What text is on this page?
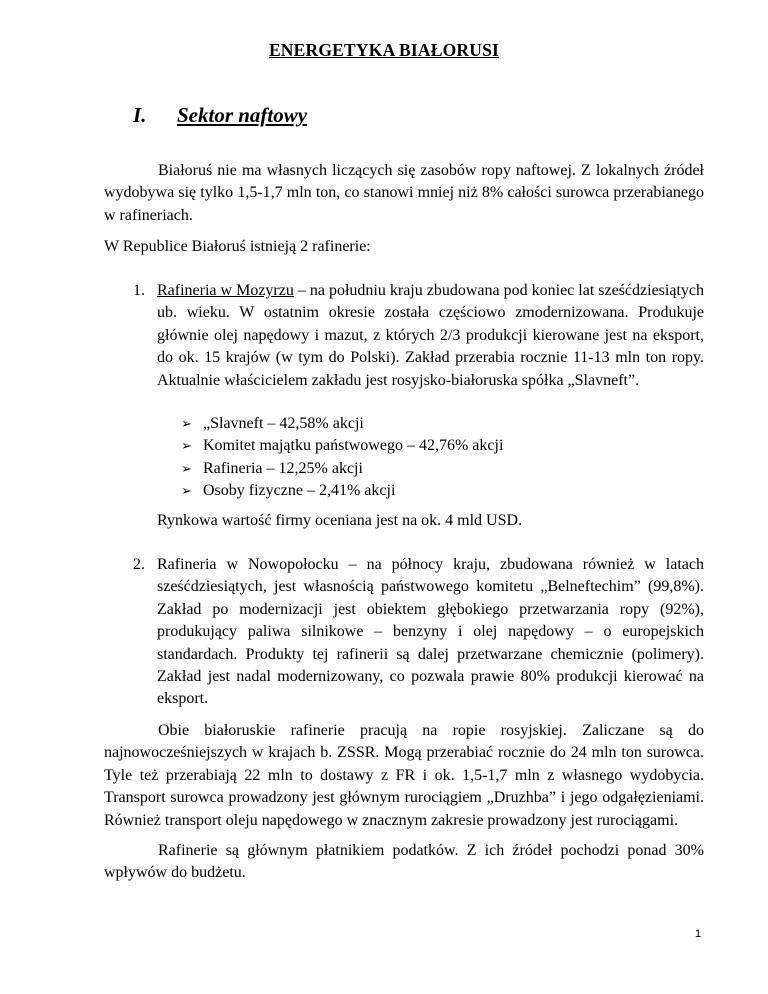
ENERGETYKA BIAŁORUSI
I. Sektor naftowy
Białoruś nie ma własnych liczących się zasobów ropy naftowej. Z lokalnych źródeł wydobywa się tylko 1,5-1,7 mln ton, co stanowi mniej niż 8% całości surowca przerabianego w rafineriach.
W Republice Białoruś istnieją 2 rafinerie:
1. Rafineria w Mozyrzu – na południu kraju zbudowana pod koniec lat sześćdziesiątych ub. wieku. W ostatnim okresie została częściowo zmodernizowana. Produkuje głównie olej napędowy i mazut, z których 2/3 produkcji kierowane jest na eksport, do ok. 15 krajów (w tym do Polski). Zakład przerabia rocznie 11-13 mln ton ropy. Aktualnie właścicielem zakładu jest rosyjsko-białoruska spółka „Slavneft”.
➢ „Slavneft – 42,58% akcji
➢ Komitet majątku państwowego – 42,76% akcji
➢ Rafineria – 12,25% akcji
➢ Osoby fizyczne – 2,41% akcji
Rynkowa wartość firmy oceniana jest na ok. 4 mld USD.
2. Rafineria w Nowopołocku – na północy kraju, zbudowana również w latach sześćdziesiątych, jest własnością państwowego komitetu „Belneftechim” (99,8%). Zakład po modernizacji jest obiektem głębokiego przetwarzania ropy (92%), produkujący paliwa silnikowe – benzyny i olej napędowy – o europejskich standardach. Produkty tej rafinerii są dalej przetwarzane chemicznie (polimery). Zakład jest nadal modernizowany, co pozwala prawie 80% produkcji kierować na eksport.
Obie białoruskie rafinerie pracują na ropie rosyjskiej. Zaliczane są do najnowocześniejszych w krajach b. ZSSR. Mogą przerabiać rocznie do 24 mln ton surowca. Tyle też przerabiają 22 mln to dostawy z FR i ok. 1,5-1,7 mln z własnego wydobycia. Transport surowca prowadzony jest głównym rurociągiem „Druzhba” i jego odgałęzieniami. Również transport oleju napędowego w znacznym zakresie prowadzony jest rurociągami.
Rafinerie są głównym płatnikiem podatków. Z ich źródeł pochodzi ponad 30% wpływów do budżetu.
1
